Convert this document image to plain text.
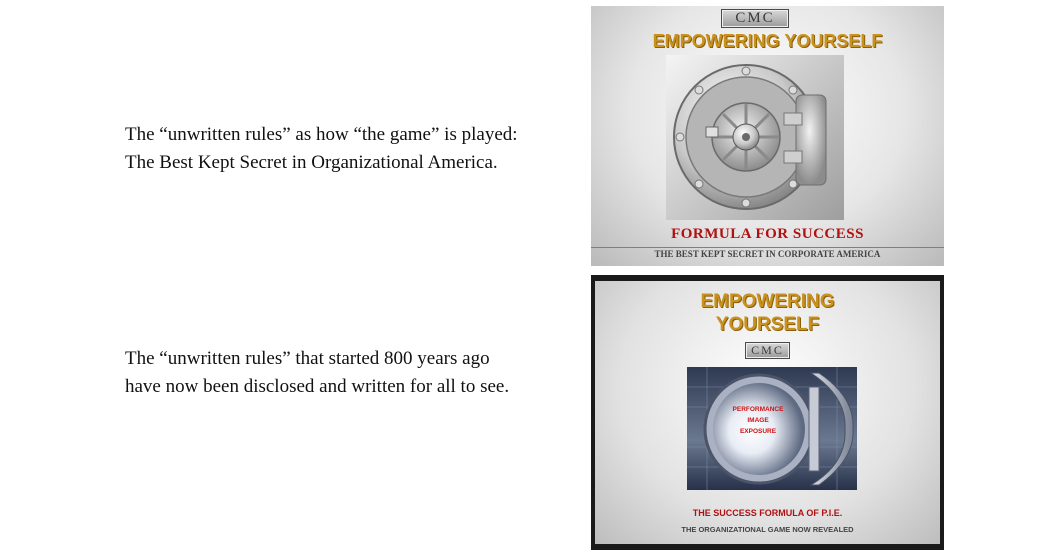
The “unwritten rules” as how “the game” is played:
The Best Kept Secret in Organizational America.
The “unwritten rules” that started 800 years ago
have now been disclosed and written for all to see.
CMC
EMPOWERING YOURSELF
FORMULA FOR SUCCESS
THE BEST KEPT SECRET IN CORPORATE AMERICA
EMPOWERING
YOURSELF
CMC
PERFORMANCE
IMAGE
EXPOSURE
THE SUCCESS FORMULA OF P.I.E.
THE ORGANIZATIONAL GAME NOW REVEALED
